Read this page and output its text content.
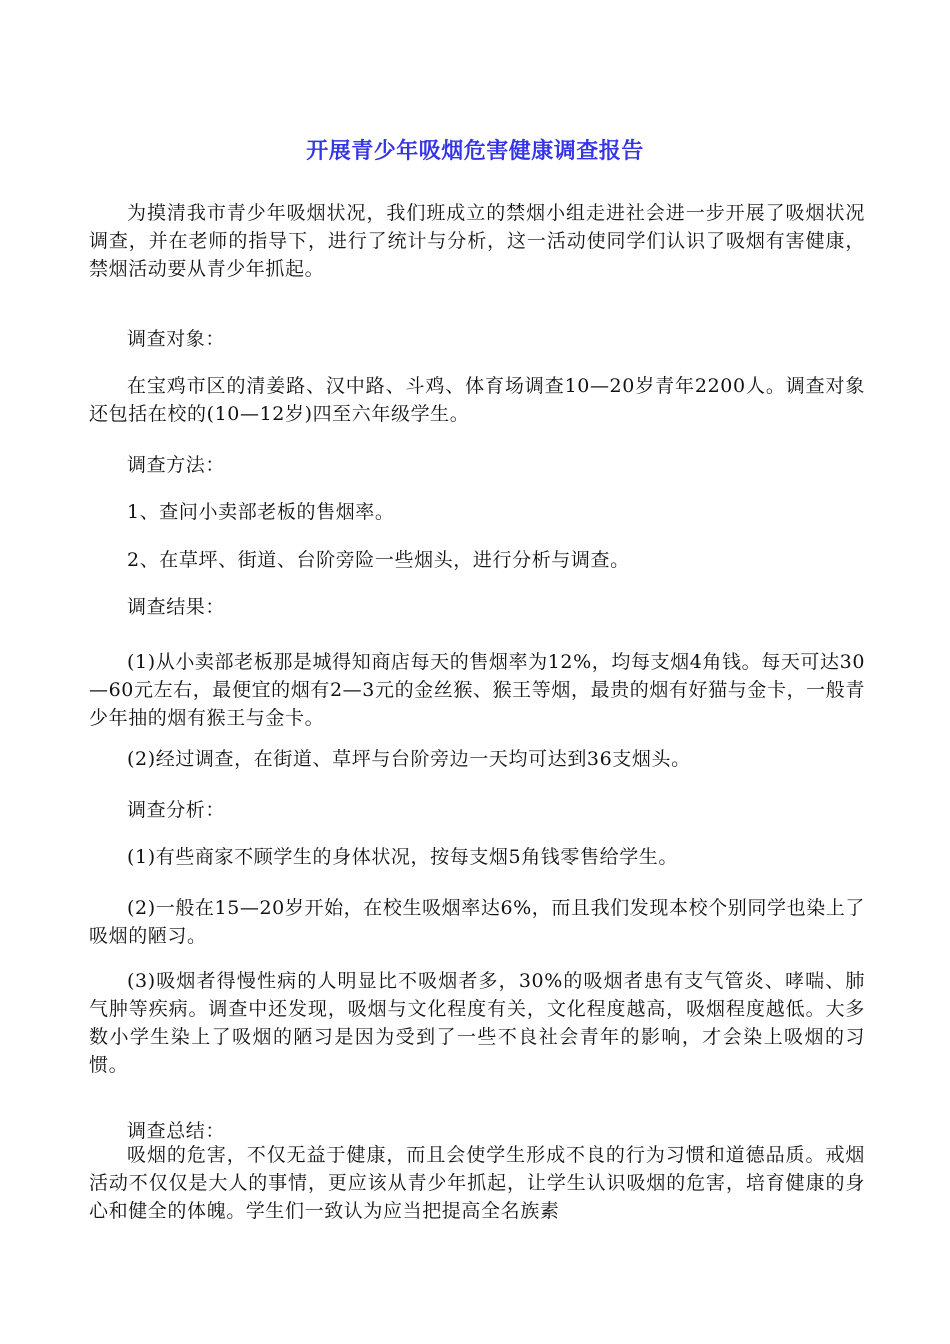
开展青少年吸烟危害健康调查报告

为摸清我市青少年吸烟状况，我们班成立的禁烟小组走进社会进一步开展了吸烟状况调查，并在老师的指导下，进行了统计与分析，这一活动使同学们认识了吸烟有害健康，禁烟活动要从青少年抓起。

调查对象：

在宝鸡市区的清姜路、汉中路、斗鸡、体育场调查10—20岁青年2200人。调查对象还包括在校的(10—12岁)四至六年级学生。

调查方法：

1、查问小卖部老板的售烟率。

2、在草坪、街道、台阶旁险一些烟头，进行分析与调查。

调查结果：

(1)从小卖部老板那是城得知商店每天的售烟率为12%，均每支烟4角钱。每天可达30—60元左右，最便宜的烟有2—3元的金丝猴、猴王等烟，最贵的烟有好猫与金卡，一般青少年抽的烟有猴王与金卡。

(2)经过调查，在街道、草坪与台阶旁边一天均可达到36支烟头。

调查分析：

(1)有些商家不顾学生的身体状况，按每支烟5角钱零售给学生。

(2)一般在15—20岁开始，在校生吸烟率达6%，而且我们发现本校个别同学也染上了吸烟的陋习。

(3)吸烟者得慢性病的人明显比不吸烟者多，30%的吸烟者患有支气管炎、哮喘、肺气肿等疾病。调查中还发现，吸烟与文化程度有关，文化程度越高，吸烟程度越低。大多数小学生染上了吸烟的陋习是因为受到了一些不良社会青年的影响，才会染上吸烟的习惯。

调查总结：

吸烟的危害，不仅无益于健康，而且会使学生形成不良的行为习惯和道德品质。戒烟活动不仅仅是大人的事情，更应该从青少年抓起，让学生认识吸烟的危害，培育健康的身心和健全的体魄。学生们一致认为应当把提高全名族素
